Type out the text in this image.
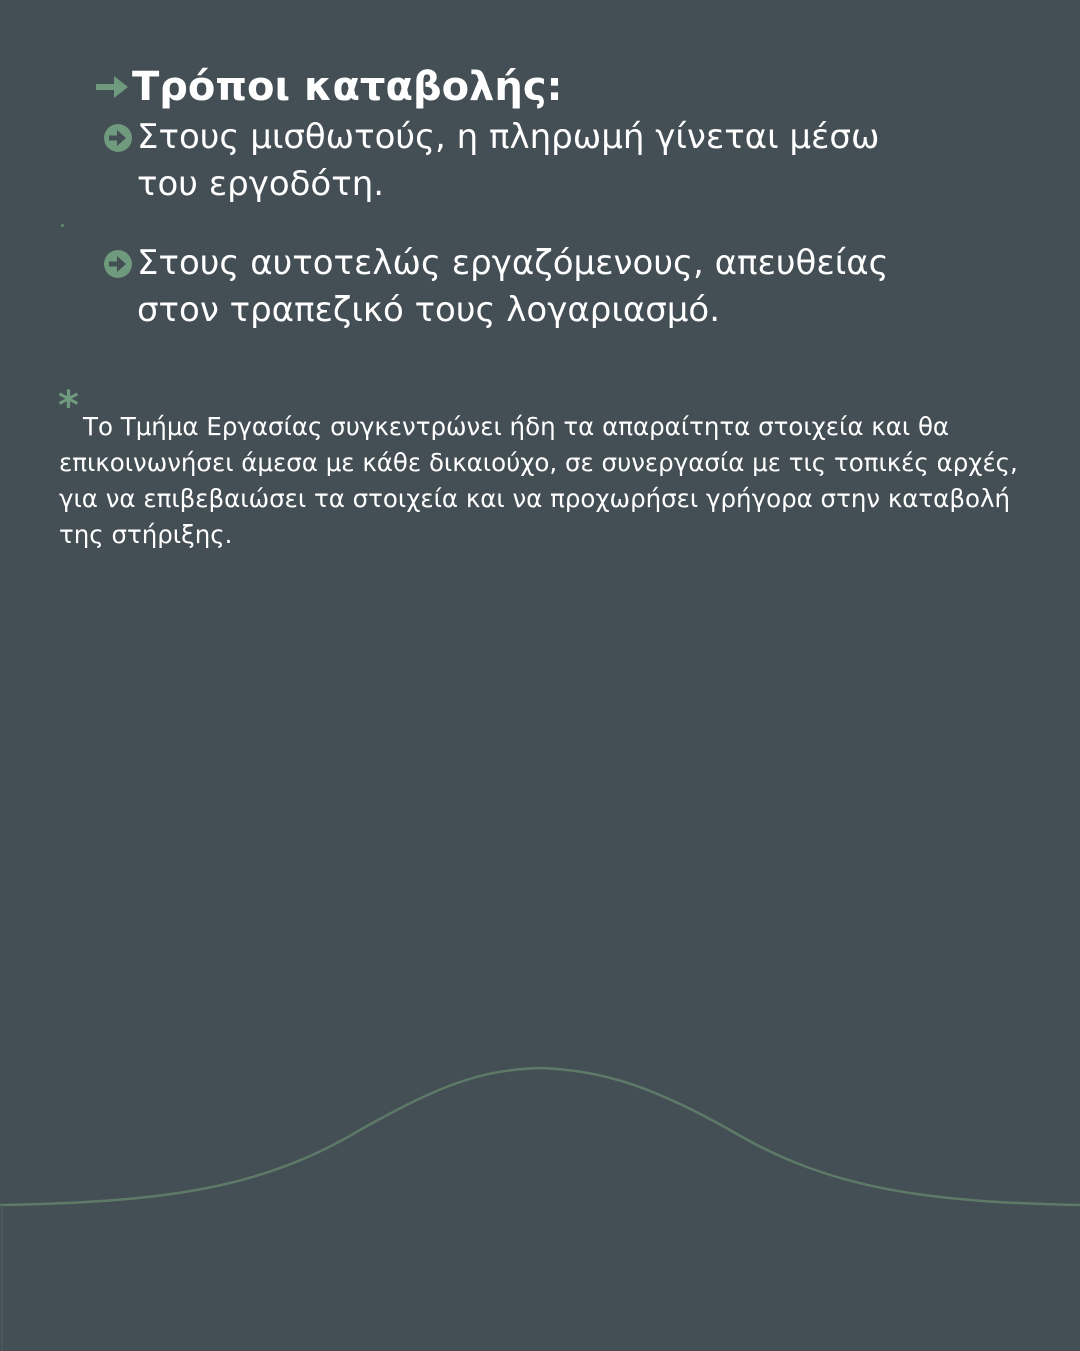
Τρόποι καταβολής:
Στους μισθωτούς, η πληρωμή γίνεται μέσω του εργοδότη.
Στους αυτοτελώς εργαζόμενους, απευθείας στον τραπεζικό τους λογαριασμό.
* Το Τμήμα Εργασίας συγκεντρώνει ήδη τα απαραίτητα στοιχεία και θα επικοινωνήσει άμεσα με κάθε δικαιούχο, σε συνεργασία με τις τοπικές αρχές, για να επιβεβαιώσει τα στοιχεία και να προχωρήσει γρήγορα στην καταβολή της στήριξης.
